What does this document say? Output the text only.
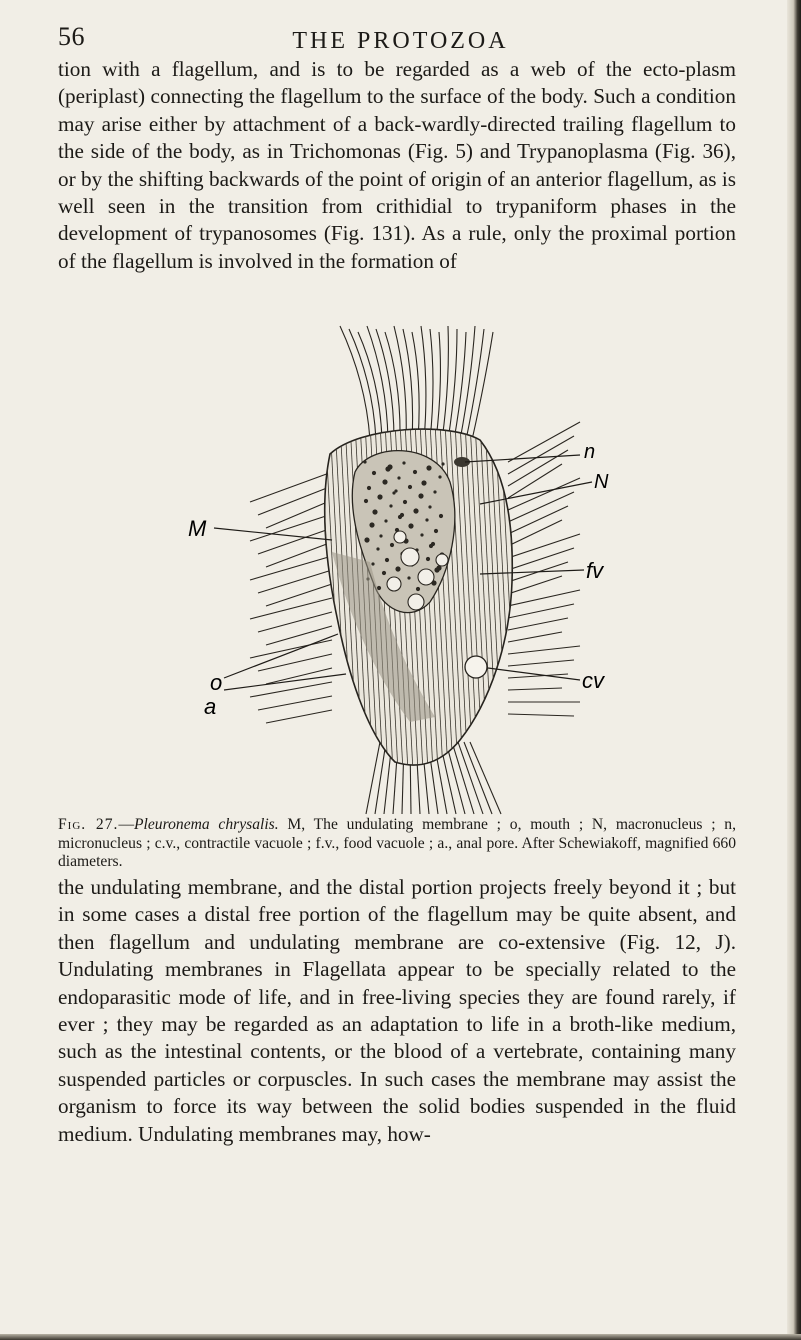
56	THE PROTOZOA

tion with a flagellum, and is to be regarded as a web of the ecto-plasm (periplast) connecting the flagellum to the surface of the body. Such a condition may arise either by attachment of a back-wardly-directed trailing flagellum to the side of the body, as in Trichomonas (Fig. 5) and Trypanoplasma (Fig. 36), or by the shifting backwards of the point of origin of an anterior flagellum, as is well seen in the transition from crithidial to trypaniform phases in the development of trypanosomes (Fig. 131). As a rule, only the proximal portion of the flagellum is involved in the formation of

M
n
N
fv
o	cv
a

Fig. 27.—Pleuronema chrysalis. M, The undulating membrane ; o, mouth ; N, macronucleus ; n, micronucleus ; c.v., contractile vacuole ; f.v., food vacuole ; a., anal pore. After Schewiakoff, magnified 660 diameters.

the undulating membrane, and the distal portion projects freely beyond it ; but in some cases a distal free portion of the flagellum may be quite absent, and then flagellum and undulating membrane are co-extensive (Fig. 12, J). Undulating membranes in Flagellata appear to be specially related to the endoparasitic mode of life, and in free-living species they are found rarely, if ever ; they may be regarded as an adaptation to life in a broth-like medium, such as the intestinal contents, or the blood of a vertebrate, containing many suspended particles or corpuscles. In such cases the membrane may assist the organism to force its way between the solid bodies suspended in the fluid medium. Undulating membranes may, how-
